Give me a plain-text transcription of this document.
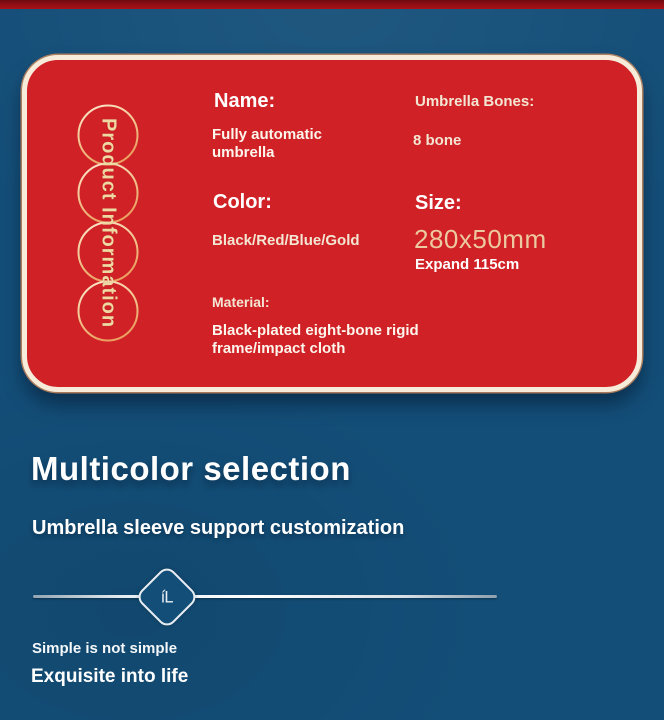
Product Information
Name:
Fully automatic umbrella
Color:
Black/Red/Blue/Gold
Material:
Black-plated eight-bone rigid frame/impact cloth
Umbrella Bones:
8 bone
Size:
280x50mm
Expand 115cm
Multicolor selection
Umbrella sleeve support customization
íL
Simple is not simple
Exquisite into life
